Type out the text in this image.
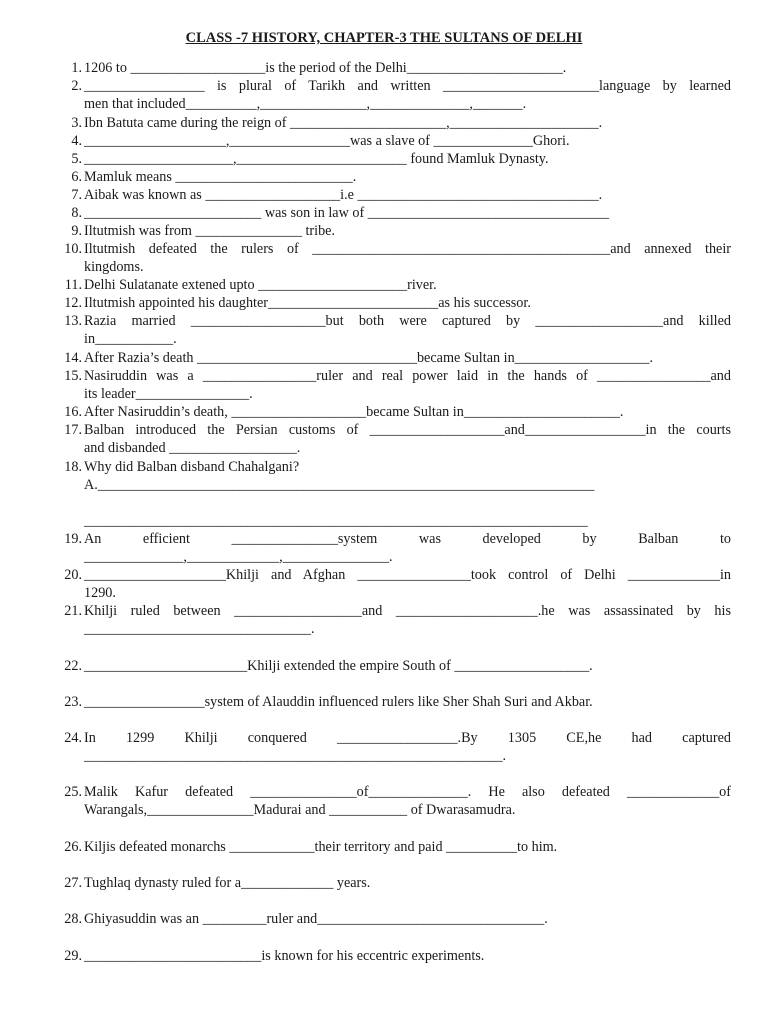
CLASS -7 HISTORY, CHAPTER-3 THE SULTANS OF DELHI
1. 1206 to ___________________is the period of the Delhi______________________.
2. _________________ is plural of Tarikh and written ______________________language by learned
men that included__________,_______________,______________,_______.
3. Ibn Batuta came during the reign of ______________________,_____________________.
4. ____________________,_________________was a slave of ______________Ghori.
5. _____________________,________________________ found Mamluk Dynasty.
6. Mamluk means _________________________.
7. Aibak was known as ___________________i.e __________________________________.
8. _________________________ was son in law of __________________________________
9. Iltutmish was from _______________ tribe.
10. Iltutmish defeated the rulers of __________________________________________and annexed their
kingdoms.
11. Delhi Sulatanate extened upto _____________________river.
12. Iltutmish appointed his daughter________________________as his successor.
13. Razia married ___________________but both were captured by __________________and killed
in___________.
14. After Razia’s death _______________________________became Sultan in___________________.
15. Nasiruddin was a ________________ruler and real power laid in the hands of ________________and
its leader________________.
16. After Nasiruddin’s death, ___________________became Sultan in______________________.
17. Balban introduced the Persian customs of ___________________and_________________in the courts
and disbanded __________________.
18. Why did Balban disband Chahalgani?
A.______________________________________________________________________

_______________________________________________________________________
19. An efficient _______________system was developed by Balban to
______________,_____________,_______________.
20. ____________________Khilji and Afghan ________________took control of Delhi _____________in
1290.
21. Khilji ruled between __________________and ____________________.he was assassinated by his
________________________________.
22. _______________________Khilji extended the empire South of ___________________.
23. _________________system of Alauddin influenced rulers like Sher Shah Suri and Akbar.
24. In 1299 Khilji conquered _________________.By 1305 CE,he had captured
___________________________________________________________.
25. Malik Kafur defeated _______________of______________. He also defeated _____________of
Warangals,_______________Madurai and ___________ of Dwarasamudra.
26. Kiljis defeated monarchs ____________their territory and paid __________to him.
27. Tughlaq dynasty ruled for a_____________ years.
28. Ghiyasuddin was an _________ruler and________________________________.
29. _________________________is known for his eccentric experiments.
